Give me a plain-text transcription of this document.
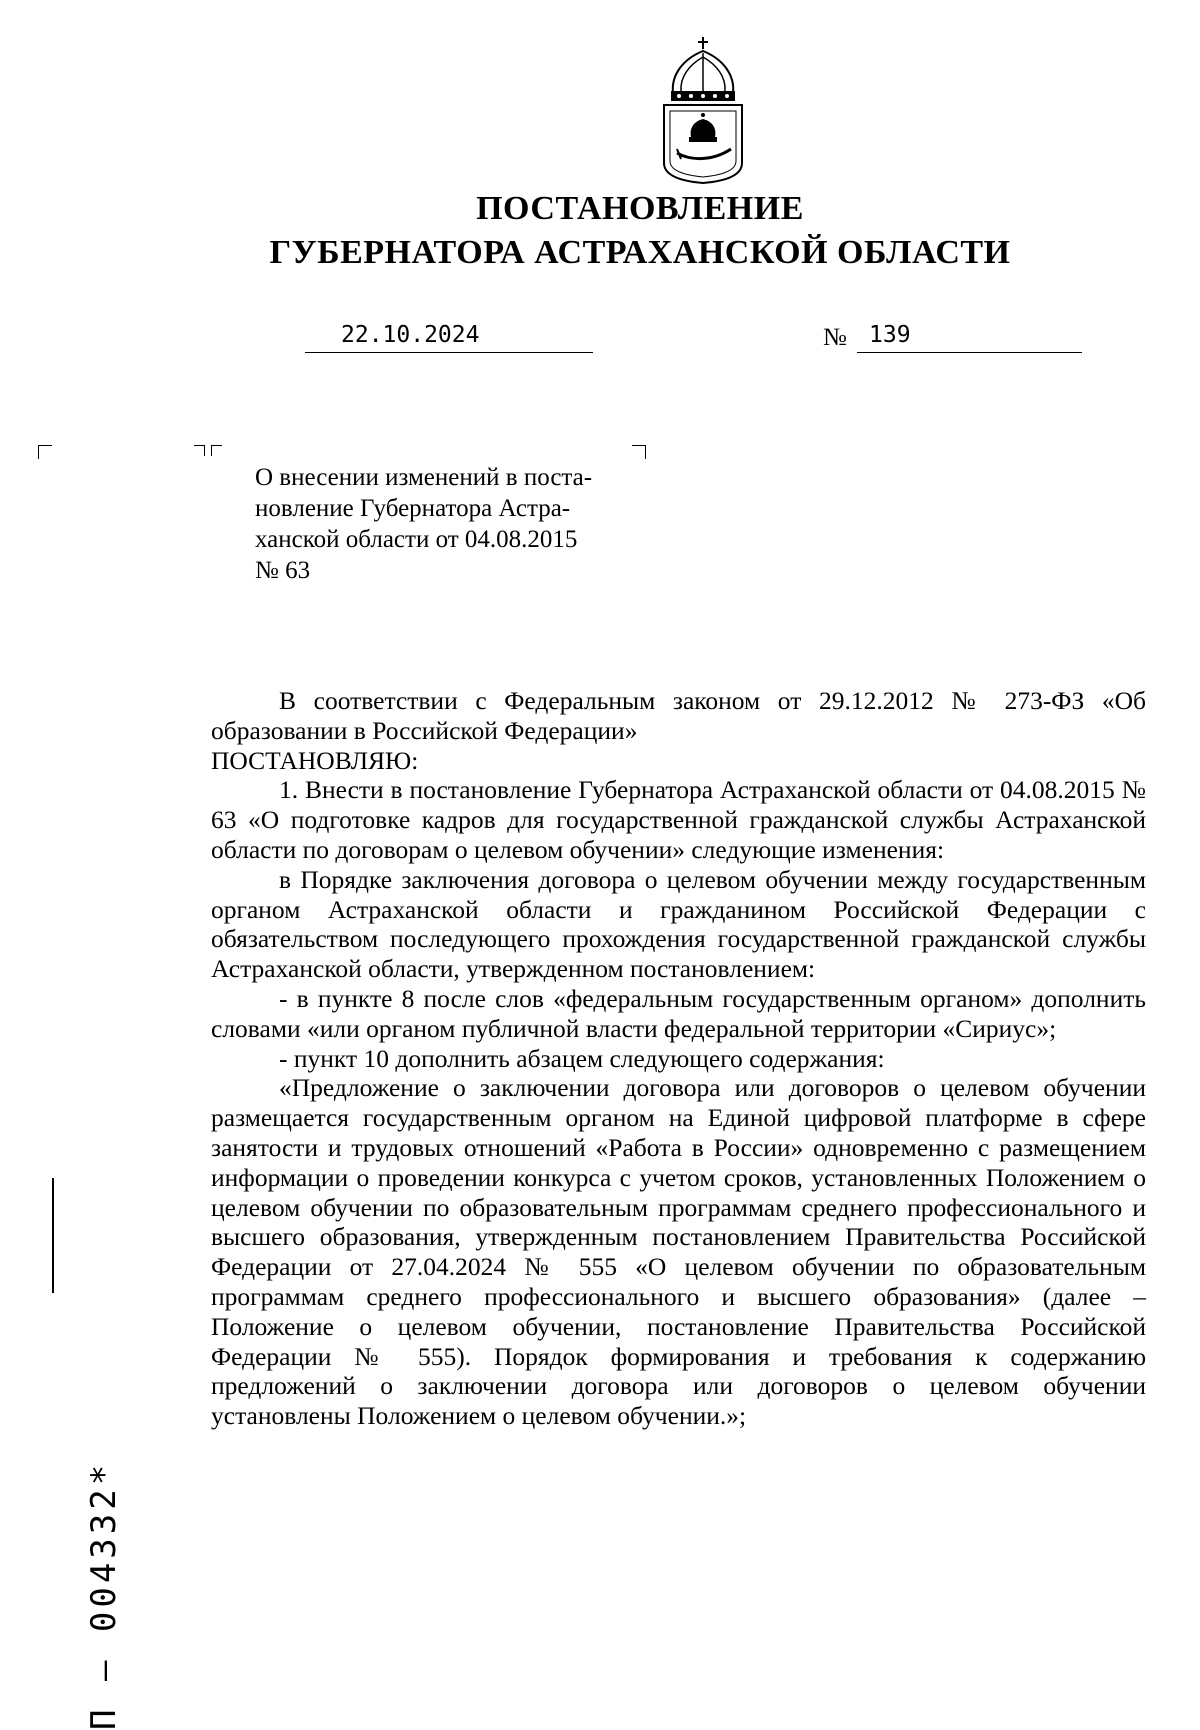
ПОСТАНОВЛЕНИЕ
ГУБЕРНАТОРА АСТРАХАНСКОЙ ОБЛАСТИ
22.10.2024	№ 139

О внесении изменений в поста-

новление Губернатора Астра-

ханской области от 04.08.2015

№ 63

В соответствии с Федеральным законом от 29.12.2012 № 273-ФЗ «Об образовании в Российской Федерации»

ПОСТАНОВЛЯЮ:

1. Внести в постановление Губернатора Астраханской области от 04.08.2015 № 63 «О подготовке кадров для государственной гражданской службы Астраханской области по договорам о целевом обучении» следующие изменения:

в Порядке заключения договора о целевом обучении между государственным органом Астраханской области и гражданином Российской Федерации с обязательством последующего прохождения государственной гражданской службы Астраханской области, утвержденном постановлением:

- в пункте 8 после слов «федеральным государственным органом» дополнить словами «или органом публичной власти федеральной территории «Сириус»;

- пункт 10 дополнить абзацем следующего содержания:

«Предложение о заключении договора или договоров о целевом обучении размещается государственным органом на Единой цифровой платформе в сфере занятости и трудовых отношений «Работа в России» одновременно с размещением информации о проведении конкурса с учетом сроков, установленных Положением о целевом обучении по образовательным программам среднего профессионального и высшего образования, утвержденным постановлением Правительства Российской Федерации от 27.04.2024 № 555 «О целевом обучении по образовательным программам среднего профессионального и высшего образования» (далее – Положение о целевом обучении, постановление Правительства Российской Федерации № 555). Порядок формирования и требования к содержанию предложений о заключении договора или договоров о целевом обучении установлены Положением о целевом обучении.»;

П – 004332*
